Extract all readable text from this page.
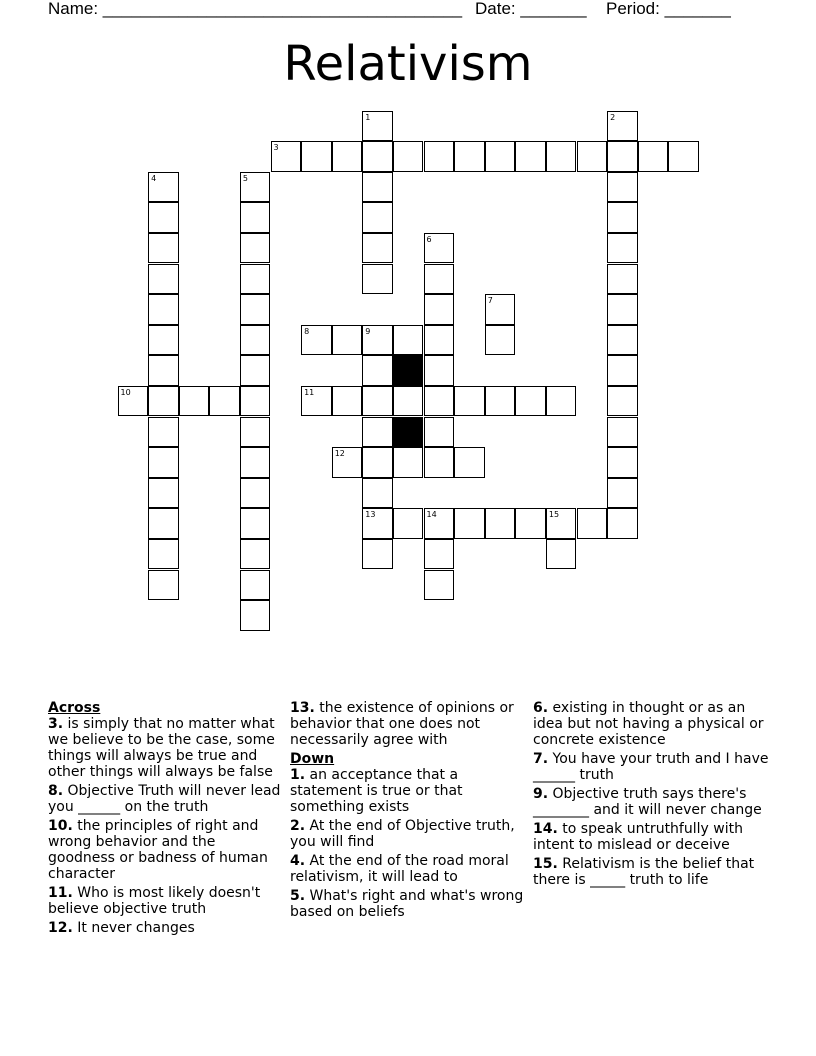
Name: ______________________________________ Date: _______ Period: _______
Relativism
1	2
3
4	5
6
7
8	9
10	11
12
13	14	15
Across
3. is simply that no matter what we believe to be the case, some things will always be true and other things will always be false
8. Objective Truth will never lead you ______ on the truth
10. the principles of right and wrong behavior and the goodness or badness of human character
11. Who is most likely doesn't believe objective truth
12. It never changes
13. the existence of opinions or behavior that one does not necessarily agree with
Down
1. an acceptance that a statement is true or that something exists
2. At the end of Objective truth, you will find
4. At the end of the road moral relativism, it will lead to
5. What's right and what's wrong based on beliefs
6. existing in thought or as an idea but not having a physical or concrete existence
7. You have your truth and I have ______ truth
9. Objective truth says there's ________ and it will never change
14. to speak untruthfully with intent to mislead or deceive
15. Relativism is the belief that there is _____ truth to life
